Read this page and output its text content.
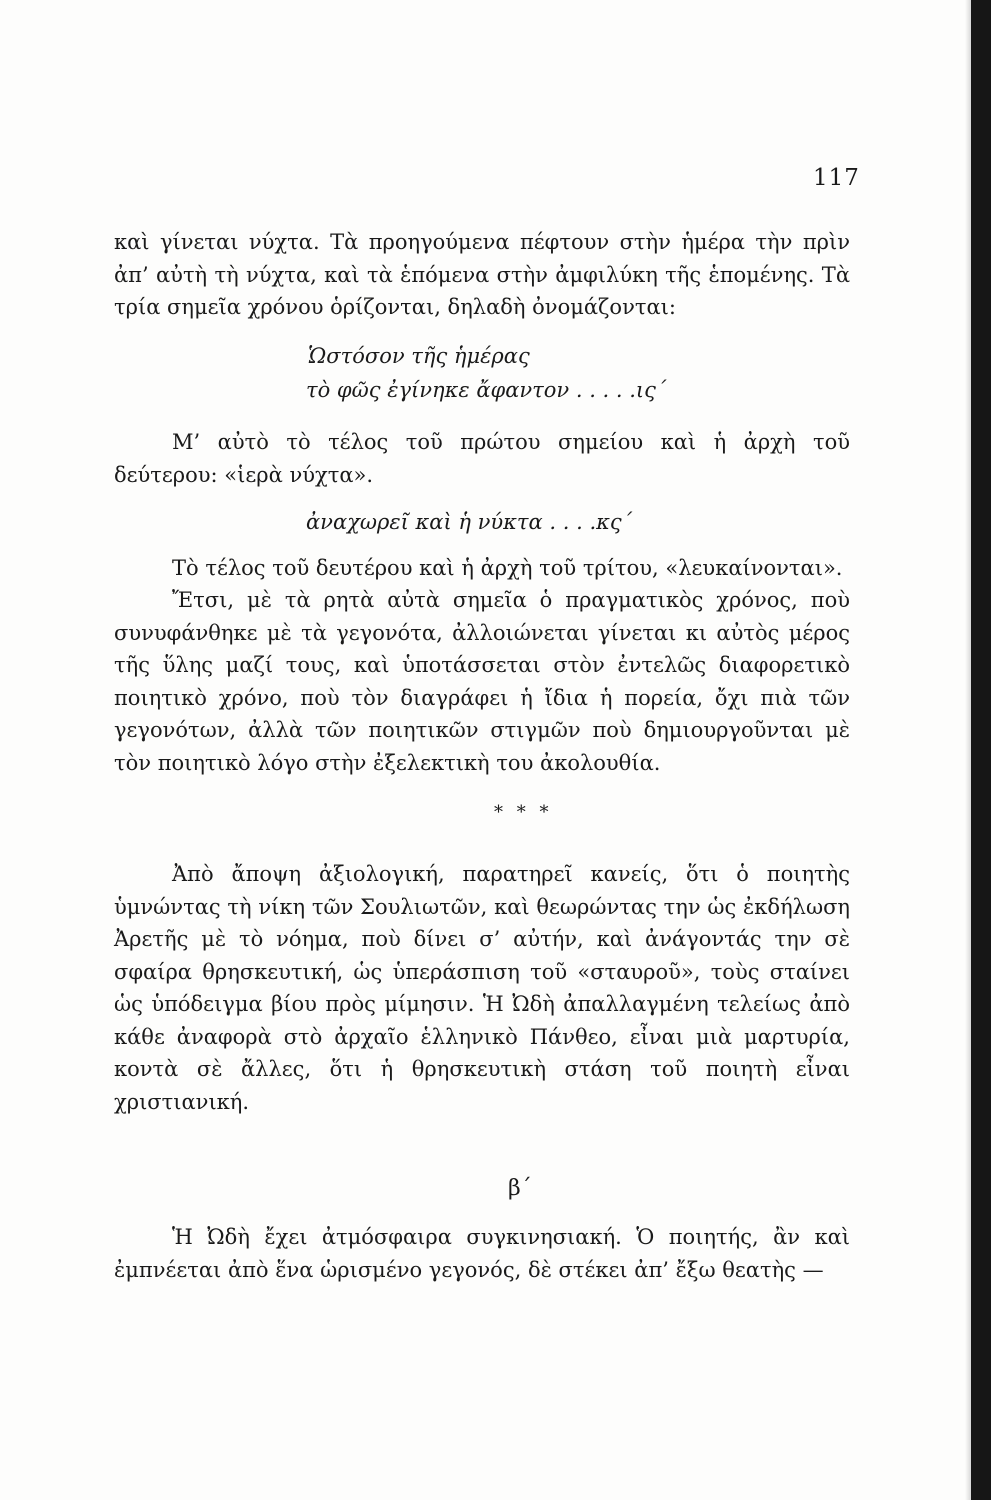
117

καὶ γίνεται νύχτα. Τὰ προηγούμενα πέφτουν στὴν ἡμέρα τὴν πρὶν ἀπ’ αὐτὴ τὴ νύχτα, καὶ τὰ ἑπόμενα στὴν ἀμφιλύκη τῆς ἑπομένης. Τὰ τρία σημεῖα χρόνου ὁρίζονται, δηλαδὴ ὀνομάζονται:

Ὡστόσον τῆς ἡμέρας
τὸ φῶς ἐγίνηκε ἄφαντον . . . . .ις΄

Μ’ αὐτὸ τὸ τέλος τοῦ πρώτου σημείου καὶ ἡ ἀρχὴ τοῦ δεύτερου: «ἱερὰ νύχτα».

ἀναχωρεῖ καὶ ἡ νύκτα . . . .κς΄

Τὸ τέλος τοῦ δευτέρου καὶ ἡ ἀρχὴ τοῦ τρίτου, «λευκαίνονται».

Ἔτσι, μὲ τὰ ρητὰ αὐτὰ σημεῖα ὁ πραγματικὸς χρόνος, ποὺ συνυφάνθηκε μὲ τὰ γεγονότα, ἀλλοιώνεται γίνεται κι αὐτὸς μέρος τῆς ὕλης μαζί τους, καὶ ὑποτάσσεται στὸν ἐντελῶς διαφορετικὸ ποιητικὸ χρόνο, ποὺ τὸν διαγράφει ἡ ἴδια ἡ πορεία, ὄχι πιὰ τῶν γεγονότων, ἀλλὰ τῶν ποιητικῶν στιγμῶν ποὺ δημιουργοῦνται μὲ τὸν ποιητικὸ λόγο στὴν ἐξελεκτικὴ του ἀκολουθία.

* * *

Ἀπὸ ἄποψη ἀξιολογική, παρατηρεῖ κανείς, ὅτι ὁ ποιητὴς ὑμνώντας τὴ νίκη τῶν Σουλιωτῶν, καὶ θεωρώντας την ὡς ἐκδήλωση Ἀρετῆς μὲ τὸ νόημα, ποὺ δίνει σ’ αὐτήν, καὶ ἀνάγοντάς την σὲ σφαίρα θρησκευτική, ὡς ὑπεράσπιση τοῦ «σταυροῦ», τοὺς σταίνει ὡς ὑπόδειγμα βίου πρὸς μίμησιν. Ἡ Ὠδὴ ἀπαλλαγμένη τελείως ἀπὸ κάθε ἀναφορὰ στὸ ἀρχαῖο ἑλληνικὸ Πάνθεο, εἶναι μιὰ μαρτυρία, κοντὰ σὲ ἄλλες, ὅτι ἡ θρησκευτικὴ στάση τοῦ ποιητὴ εἶναι χριστιανική.

β΄

Ἡ Ὠδὴ ἔχει ἀτμόσφαιρα συγκινησιακή. Ὁ ποιητής, ἂν καὶ ἐμπνέεται ἀπὸ ἕνα ὡρισμένο γεγονός, δὲ στέκει ἀπ’ ἔξω θεατὴς —
